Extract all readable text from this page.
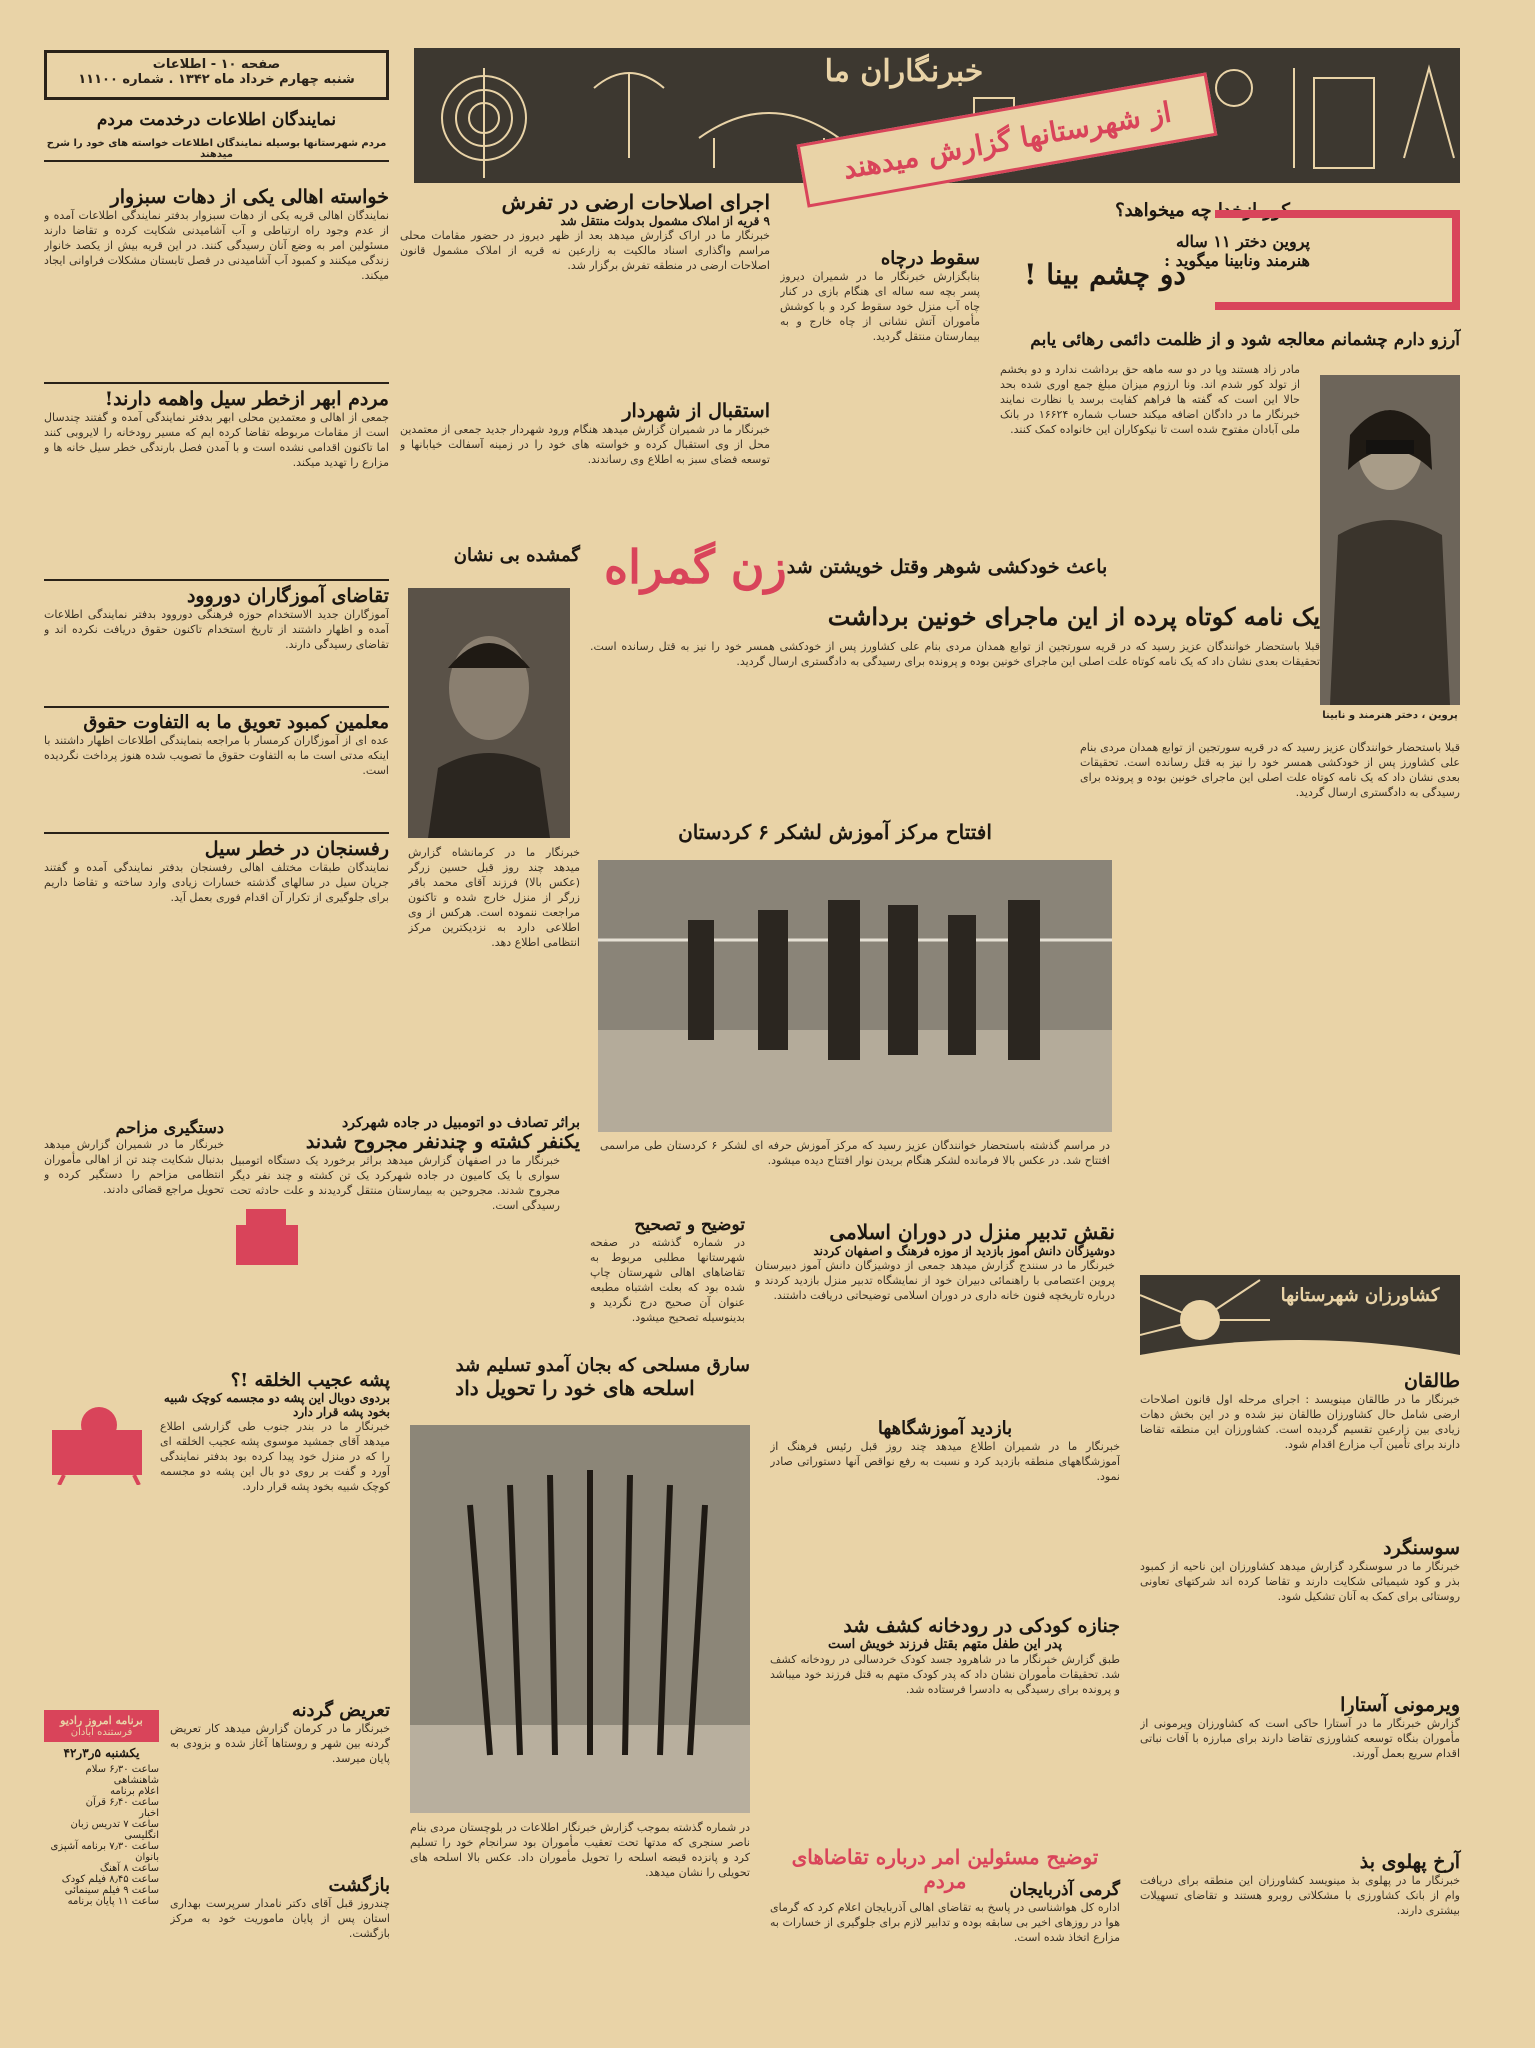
صفحه ۱۰ - اطلاعات
شنبه چهارم خرداد ماه ۱۳۴۲ . شماره ۱۱۱۰۰
نمایندگان اطلاعات درخدمت مردم
مردم شهرستانها بوسیله نمایندگان اطلاعات خواسته های خود را شرح میدهند
خبرنگاران ما
از شهرستانها گزارش میدهند
خواسته اهالی یکی از دهات سبزوار
نمایندگان اهالی قریه یکی از دهات سبزوار بدفتر نمایندگی اطلاعات آمده و از عدم وجود راه ارتباطی و آب آشامیدنی شکایت کرده و تقاضا دارند مسئولین امر به وضع آنان رسیدگی کنند. در این قریه بیش از یکصد خانوار زندگی میکنند و کمبود آب آشامیدنی در فصل تابستان مشکلات فراوانی ایجاد میکند.
مردم ابهر ازخطر سیل واهمه دارند!
جمعی از اهالی و معتمدین محلی ابهر بدفتر نمایندگی آمده و گفتند چندسال است از مقامات مربوطه تقاضا کرده ایم که مسیر رودخانه را لایروبی کنند اما تاکنون اقدامی نشده است و با آمدن فصل بارندگی خطر سیل خانه ها و مزارع را تهدید میکند.
تقاضای آموزگاران دوروود
آموزگاران جدید الاستخدام حوزه فرهنگی دوروود بدفتر نمایندگی اطلاعات آمده و اظهار داشتند از تاریخ استخدام تاکنون حقوق دریافت نکرده اند و تقاضای رسیدگی دارند.
معلمین کمبود تعویق ما به التفاوت حقوق
عده ای از آموزگاران کرمسار با مراجعه بنمایندگی اطلاعات اظهار داشتند با اینکه مدتی است ما به التفاوت حقوق ما تصویب شده هنوز پرداخت نگردیده است.
رفسنجان در خطر سیل
نمایندگان طبقات مختلف اهالی رفسنجان بدفتر نمایندگی آمده و گفتند جریان سیل در سالهای گذشته خسارات زیادی وارد ساخته و تقاضا داریم برای جلوگیری از تکرار آن اقدام فوری بعمل آید.
دستگیری مزاحم
خبرنگار ما در شمیران گزارش میدهد بدنبال شکایت چند تن از اهالی مأموران انتظامی مزاحم را دستگیر کرده و تحویل مراجع قضائی دادند.
پشه عجیب الخلقه !؟
بردوی دوبال این پشه دو مجسمه کوچک شبیه بخود پشه قرار دارد
خبرنگار ما در بندر جنوب طی گزارشی اطلاع میدهد آقای جمشید موسوی پشه عجیب الخلقه ای را که در منزل خود پیدا کرده بود بدفتر نمایندگی آورد و گفت بر روی دو بال این پشه دو مجسمه کوچک شبیه بخود پشه قرار دارد.
برنامه امروز رادیو
فرستنده آبادان
یکشنبه ۵ر۳ر۴۲
ساعت ۶٫۳۰ سلام شاهنشاهی
اعلام برنامه
ساعت ۶٫۴۰ قرآن
اخبار
ساعت ۷ تدریس زبان انگلیسی
ساعت ۷٫۳۰ برنامه آشپزی بانوان
ساعت ۸ آهنگ
ساعت ۸٫۴۵ فیلم کودک
ساعت ۹ فیلم سینمائی
ساعت ۱۱ پایان برنامه
تعریض گردنه
خبرنگار ما در کرمان گزارش میدهد کار تعریض گردنه بین شهر و روستاها آغاز شده و بزودی به پایان میرسد.
بازگشت
چندروز قبل آقای دکتر نامدار سرپرست بهداری استان پس از پایان ماموریت خود به مرکز بازگشت.
اجرای اصلاحات ارضی در تفرش
۹ قریه از املاک مشمول بدولت منتقل شد
خبرنگار ما در اراک گزارش میدهد بعد از ظهر دیروز در حضور مقامات محلی مراسم واگذاری اسناد مالکیت به زارعین نه قریه از املاک مشمول قانون اصلاحات ارضی در منطقه تفرش برگزار شد.	سقوط درچاه
بنابگزارش خبرنگار ما در شمیران دیروز پسر بچه سه ساله ای هنگام بازی در کنار چاه آب منزل خود سقوط کرد و با کوشش مأموران آتش نشانی از چاه خارج و به بیمارستان منتقل گردید.
استقبال از شهردار
خبرنگار ما در شمیران گزارش میدهد هنگام ورود شهردار جدید جمعی از معتمدین محل از وی استقبال کرده و خواسته های خود را در زمینه آسفالت خیابانها و توسعه فضای سبز به اطلاع وی رساندند.
گمشده بی نشان
خبرنگار ما در کرمانشاه گزارش میدهد چند روز قبل حسین زرگر (عکس بالا) فرزند آقای محمد باقر زرگر از منزل خارج شده و تاکنون مراجعت ننموده است. هرکس از وی اطلاعی دارد به نزدیکترین مرکز انتظامی اطلاع دهد.
زن گمراه باعث خودکشی شوهر وقتل خویشتن شد
یک نامه کوتاه پرده از این ماجرای خونین برداشت
قبلا باستحضار خوانندگان عزیز رسید که در قریه سورتجین از توابع همدان مردی بنام علی کشاورز پس از خودکشی همسر خود را نیز به قتل رسانده است. تحقیقات بعدی نشان داد که یک نامه کوتاه علت اصلی این ماجرای خونین بوده و پرونده برای رسیدگی به دادگستری ارسال گردید.
کور ازخدا چه میخواهد؟
پروین دختر ۱۱ ساله
هنرمند ونابینا میگوید :
دو چشم بینا !
آرزو دارم چشمانم معالجه شود و از ظلمت دائمی رهائی یابم
مادر زاد هستند وپا در دو سه ماهه حق برداشت ندارد و دو بخشم از تولد کور شدم اند. ونا ارزوم میزان مبلغ جمع اوری شده بحد حالا این است که گفته ها فراهم کفایت برسد یا نظارت نمایند خبرنگار ما در دادگان اضافه میکند حساب شماره ۱۶۶۲۴ در بانک ملی آبادان مفتوح شده است تا نیکوکاران این خانواده کمک کنند.
پروین ، دختر هنرمند و نابینا
قبلا باستحضار خوانندگان عزیز رسید که در قریه سورتجین از توابع همدان مردی بنام علی کشاورز پس از خودکشی همسر خود را نیز به قتل رسانده است. تحقیقات بعدی نشان داد که یک نامه کوتاه علت اصلی این ماجرای خونین بوده و پرونده برای رسیدگی به دادگستری ارسال گردید.
افتتاح مرکز آموزش لشکر ۶ کردستان
در مراسم گذشته باستحضار خوانندگان عزیز رسید که مرکز آموزش حرفه ای لشکر ۶ کردستان طی مراسمی افتتاح شد. در عکس بالا فرمانده لشکر هنگام بریدن نوار افتتاح دیده میشود.
براثر تصادف دو اتومبیل در جاده شهرکرد
یکنفر کشته و چندنفر مجروح شدند
خبرنگار ما در اصفهان گزارش میدهد براثر برخورد یک دستگاه اتومبیل سواری با یک کامیون در جاده شهرکرد یک تن کشته و چند نفر دیگر مجروح شدند. مجروحین به بیمارستان منتقل گردیدند و علت حادثه تحت رسیدگی است.
توضیح و تصحیح
در شماره گذشته در صفحه شهرستانها مطلبی مربوط به تقاضاهای اهالی شهرستان چاپ شده بود که بعلت اشتباه مطبعه عنوان آن صحیح درج نگردید و بدینوسیله تصحیح میشود.
نقش تدبیر منزل در دوران اسلامی
دوشیزگان دانش آموز بازدید از موزه فرهنگ و اصفهان کردند
خبرنگار ما در سنندج گزارش میدهد جمعی از دوشیزگان دانش آموز دبیرستان پروین اعتصامی با راهنمائی دبیران خود از نمایشگاه تدبیر منزل بازدید کردند و درباره تاریخچه فنون خانه داری در دوران اسلامی توضیحاتی دریافت داشتند.
سارق مسلحی که بجان آمدو تسلیم شد
اسلحه های خود را تحویل داد
در شماره گذشته بموجب گزارش خبرنگار اطلاعات در بلوچستان مردی بنام ناصر سنجری که مدتها تحت تعقیب مأموران بود سرانجام خود را تسلیم کرد و پانزده قبضه اسلحه را تحویل مأموران داد. عکس بالا اسلحه های تحویلی را نشان میدهد.
بازدید آموزشگاهها
خبرنگار ما در شمیران اطلاع میدهد چند روز قبل رئیس فرهنگ از آموزشگاههای منطقه بازدید کرد و نسبت به رفع نواقص آنها دستوراتی صادر نمود.
جنازه کودکی در رودخانه کشف شد
پدر این طفل متهم بقتل فرزند خویش است
طبق گزارش خبرنگار ما در شاهرود جسد کودک خردسالی در رودخانه کشف شد. تحقیقات مأموران نشان داد که پدر کودک متهم به قتل فرزند خود میباشد و پرونده برای رسیدگی به دادسرا فرستاده شد.
توضیح مسئولین امر درباره تقاضاهای مردم	گرمی آذربایجان
اداره کل هواشناسی در پاسخ به تقاضای اهالی آذربایجان اعلام کرد که گرمای هوا در روزهای اخیر بی سابقه بوده و تدابیر لازم برای جلوگیری از خسارات به مزارع اتخاذ شده است.
کشاورزان شهرستانها
طالقان
خبرنگار ما در طالقان مینویسد : اجرای مرحله اول قانون اصلاحات ارضی شامل حال کشاورزان طالقان نیز شده و در این بخش دهات زیادی بین زارعین تقسیم گردیده است. کشاورزان این منطقه تقاضا دارند برای تأمین آب مزارع اقدام شود.
سوسنگرد
خبرنگار ما در سوسنگرد گزارش میدهد کشاورزان این ناحیه از کمبود بذر و کود شیمیائی شکایت دارند و تقاضا کرده اند شرکتهای تعاونی روستائی برای کمک به آنان تشکیل شود.
ویرمونی آستارا
گزارش خبرنگار ما در آستارا حاکی است که کشاورزان ویرمونی از مأموران بنگاه توسعه کشاورزی تقاضا دارند برای مبارزه با آفات نباتی اقدام سریع بعمل آورند.
آرخ پهلوی بذ
خبرنگار ما در پهلوی بذ مینویسد کشاورزان این منطقه برای دریافت وام از بانک کشاورزی با مشکلاتی روبرو هستند و تقاضای تسهیلات بیشتری دارند.
